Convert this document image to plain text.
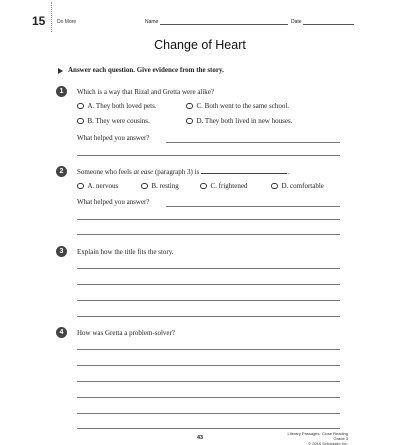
15 Do More	Name	Date
Change of Heart
Answer each question. Give evidence from the story.
1	Which is a way that Rizal and Gretta were alike?
A. They both loved pets.	C. Both went to the same school.
B. They were cousins.	D. They both lived in new houses.
What helped you answer?
2	Someone who feels at ease (paragraph 3) is	.
A. nervous	B. resting	C. frightened	D. comfortable
What helped you answer?
3	Explain how the title fits the story.
4	How was Gretta a problem-solver?
43
Literary Passages: Close Reading Grade 3
© 2016 Scholastic Inc.
